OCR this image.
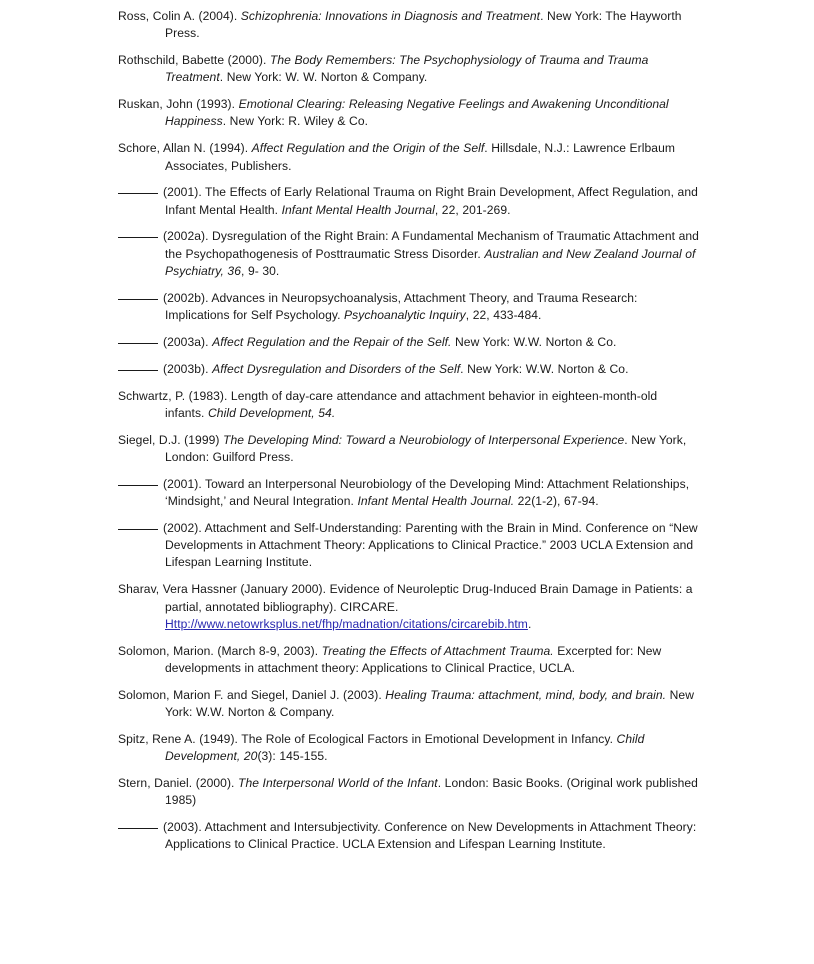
Ross, Colin A. (2004). Schizophrenia: Innovations in Diagnosis and Treatment. New York: The Hayworth Press.

Rothschild, Babette (2000). The Body Remembers: The Psychophysiology of Trauma and Trauma Treatment. New York: W. W. Norton & Company.

Ruskan, John (1993). Emotional Clearing: Releasing Negative Feelings and Awakening Unconditional Happiness. New York: R. Wiley & Co.

Schore, Allan N. (1994). Affect Regulation and the Origin of the Self. Hillsdale, N.J.: Lawrence Erlbaum Associates, Publishers.

(2001). The Effects of Early Relational Trauma on Right Brain Development, Affect Regulation, and Infant Mental Health. Infant Mental Health Journal, 22, 201-269.

(2002a). Dysregulation of the Right Brain: A Fundamental Mechanism of Traumatic Attachment and the Psychopathogenesis of Posttraumatic Stress Disorder. Australian and New Zealand Journal of Psychiatry, 36, 9- 30.

(2002b). Advances in Neuropsychoanalysis, Attachment Theory, and Trauma Research: Implications for Self Psychology. Psychoanalytic Inquiry, 22, 433-484.

(2003a). Affect Regulation and the Repair of the Self. New York: W.W. Norton & Co.

(2003b). Affect Dysregulation and Disorders of the Self. New York: W.W. Norton & Co.

Schwartz, P. (1983). Length of day-care attendance and attachment behavior in eighteen-month-old infants. Child Development, 54.

Siegel, D.J. (1999) The Developing Mind: Toward a Neurobiology of Interpersonal Experience. New York, London: Guilford Press.

(2001). Toward an Interpersonal Neurobiology of the Developing Mind: Attachment Relationships, ‘Mindsight,’ and Neural Integration. Infant Mental Health Journal. 22(1-2), 67-94.

(2002). Attachment and Self-Understanding: Parenting with the Brain in Mind. Conference on “New Developments in Attachment Theory: Applications to Clinical Practice.” 2003 UCLA Extension and Lifespan Learning Institute.

Sharav, Vera Hassner (January 2000). Evidence of Neuroleptic Drug-Induced Brain Damage in Patients: a partial, annotated bibliography). CIRCARE. Http://www.netowrksplus.net/fhp/madnation/citations/circarebib.htm.

Solomon, Marion. (March 8-9, 2003). Treating the Effects of Attachment Trauma. Excerpted for: New developments in attachment theory: Applications to Clinical Practice, UCLA.

Solomon, Marion F. and Siegel, Daniel J. (2003). Healing Trauma: attachment, mind, body, and brain. New York: W.W. Norton & Company.

Spitz, Rene A. (1949). The Role of Ecological Factors in Emotional Development in Infancy. Child Development, 20(3): 145-155.

Stern, Daniel. (2000). The Interpersonal World of the Infant. London: Basic Books. (Original work published 1985)

(2003). Attachment and Intersubjectivity. Conference on New Developments in Attachment Theory: Applications to Clinical Practice. UCLA Extension and Lifespan Learning Institute.
